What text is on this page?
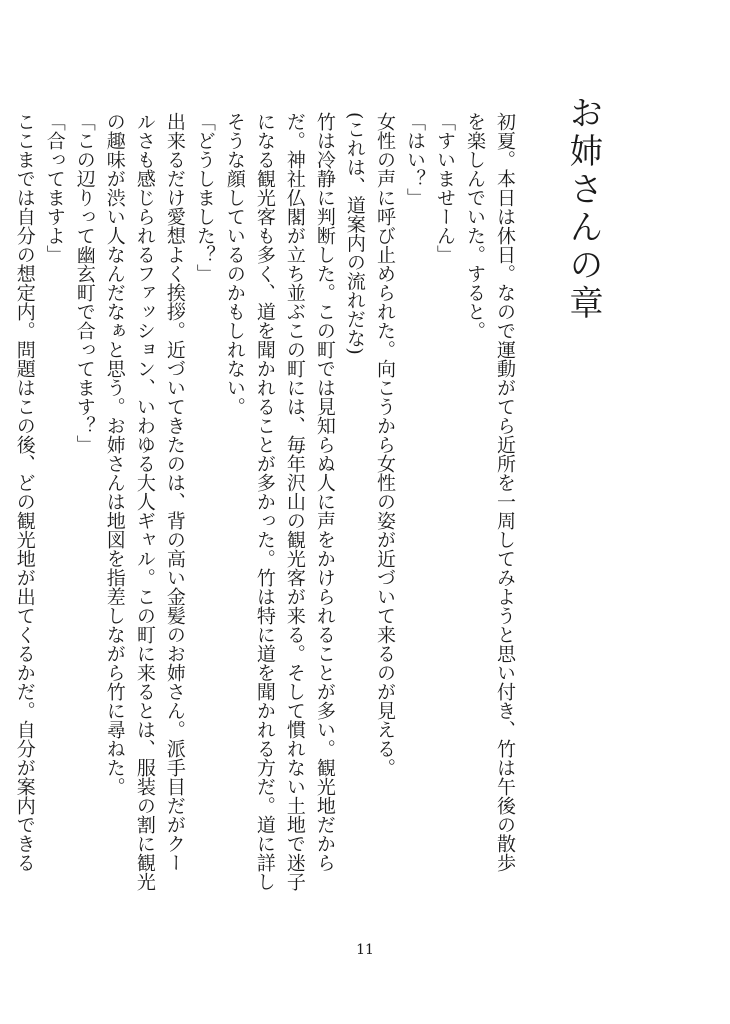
お姉さんの章

初夏。本日は休日。なので運動がてら近所を一周してみようと思い付き、竹は午後の散歩

を楽しんでいた。すると。

「すいませーん」

「はい？」

女性の声に呼び止められた。向こうから女性の姿が近づいて来るのが見える。

(これは、道案内の流れだな)

竹は冷静に判断した。この町では見知らぬ人に声をかけられることが多い。観光地だから

だ。神社仏閣が立ち並ぶこの町には、毎年沢山の観光客が来る。そして慣れない土地で迷子

になる観光客も多く、道を聞かれることが多かった。竹は特に道を聞かれる方だ。道に詳し

そうな顔しているのかもしれない。

「どうしました？」

出来るだけ愛想よく挨拶。近づいてきたのは、背の高い金髪のお姉さん。派手目だがクー

ルさも感じられるファッション、いわゆる大人ギャル。この町に来るとは、服装の割に観光

の趣味が渋い人なんだなぁと思う。お姉さんは地図を指差しながら竹に尋ねた。

「この辺りって幽玄町で合ってます？」

「合ってますよ」

ここまでは自分の想定内。問題はこの後、どの観光地が出てくるかだ。自分が案内できる

11
